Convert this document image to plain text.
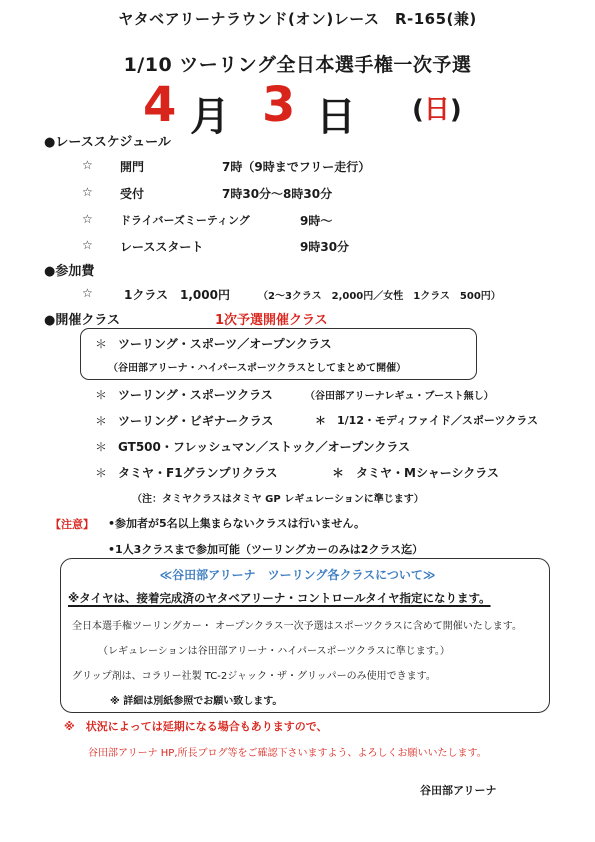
ヤタベアリーナラウンド(オン)レース　R-165(兼)
1/10 ツーリング全日本選手権一次予選
4 月 3 日 (日)
●レーススケジュール
☆ 開門	7時（9時までフリー走行）
☆ 受付	7時30分～8時30分
☆ ドライバーズミーティング	9時～
☆ レーススタート	9時30分
●参加費
☆	1クラス　1,000円	（2～3クラス　2,000円／女性　1クラス　500円）
●開催クラス	1次予選開催クラス
＊ ツーリング・スポーツ／オープンクラス
（谷田部アリーナ・ハイパースポーツクラスとしてまとめて開催）
＊ ツーリング・スポーツクラス	（谷田部アリーナレギュ・ブースト無し）
＊ ツーリング・ビギナークラス	＊　1/12・モディファイド／スポーツクラス
＊ GT500・フレッシュマン／ストック／オープンクラス
＊ タミヤ・F1グランプリクラス	＊　タミヤ・Mシャーシクラス
（注：タミヤクラスはタミヤ GP レギュレーションに準じます）
【注意】 •参加者が5名以上集まらないクラスは行いません。
•1人3クラスまで参加可能（ツーリングカーのみは2クラス迄）
≪谷田部アリーナ　ツーリング各クラスについて≫
※タイヤは、接着完成済のヤタベアリーナ・コントロールタイヤ指定になります。
全日本選手権ツーリングカー・ オープンクラス一次予選はスポーツクラスに含めて開催いたします。
（レギュレーションは谷田部アリーナ・ハイパースポーツクラスに準じます。）
グリップ剤は、コラリー社製 TC-2ジャック・ザ・グリッパーのみ使用できます。
※ 詳細は別紙参照でお願い致します。
※　状況によっては延期になる場合もありますので、
谷田部アリーナ HP,所長ブログ等をご確認下さいますよう、よろしくお願いいたします。
谷田部アリーナ
